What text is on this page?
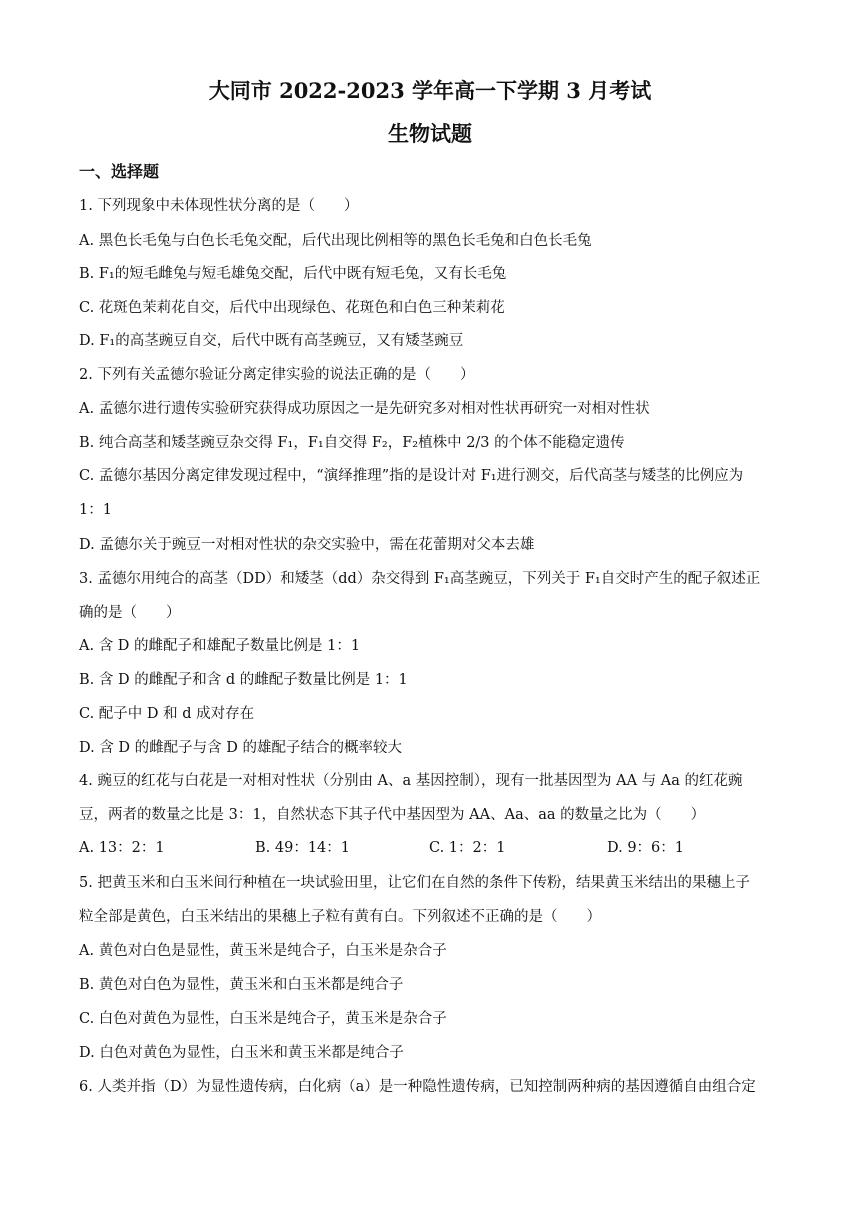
大同市 2022-2023 学年高一下学期 3 月考试
生物试题
一、选择题
1. 下列现象中未体现性状分离的是（　　）
A. 黑色长毛兔与白色长毛兔交配，后代出现比例相等的黑色长毛兔和白色长毛兔
B. F₁的短毛雌兔与短毛雄兔交配，后代中既有短毛兔，又有长毛兔
C. 花斑色茉莉花自交，后代中出现绿色、花斑色和白色三种茉莉花
D. F₁的高茎豌豆自交，后代中既有高茎豌豆，又有矮茎豌豆
2. 下列有关孟德尔验证分离定律实验的说法正确的是（　　）
A. 孟德尔进行遗传实验研究获得成功原因之一是先研究多对相对性状再研究一对相对性状
B. 纯合高茎和矮茎豌豆杂交得 F₁，F₁自交得 F₂，F₂植株中 2/3 的个体不能稳定遗传
C. 孟德尔基因分离定律发现过程中，“演绎推理”指的是设计对 F₁进行测交，后代高茎与矮茎的比例应为
1：1
D. 孟德尔关于豌豆一对相对性状的杂交实验中，需在花蕾期对父本去雄
3. 孟德尔用纯合的高茎（DD）和矮茎（dd）杂交得到 F₁高茎豌豆，下列关于 F₁自交时产生的配子叙述正
确的是（　　）
A. 含 D 的雌配子和雄配子数量比例是 1：1
B. 含 D 的雌配子和含 d 的雌配子数量比例是 1：1
C. 配子中 D 和 d 成对存在
D. 含 D 的雌配子与含 D 的雄配子结合的概率较大
4. 豌豆的红花与白花是一对相对性状（分别由 A、a 基因控制），现有一批基因型为 AA 与 Aa 的红花豌
豆，两者的数量之比是 3：1，自然状态下其子代中基因型为 AA、Aa、aa 的数量之比为（　　）
A. 13：2：1	B. 49：14：1	C. 1：2：1	D. 9：6：1
5. 把黄玉米和白玉米间行种植在一块试验田里，让它们在自然的条件下传粉，结果黄玉米结出的果穗上子
粒全部是黄色，白玉米结出的果穗上子粒有黄有白。下列叙述不正确的是（　　）
A. 黄色对白色是显性，黄玉米是纯合子，白玉米是杂合子
B. 黄色对白色为显性，黄玉米和白玉米都是纯合子
C. 白色对黄色为显性，白玉米是纯合子，黄玉米是杂合子
D. 白色对黄色为显性，白玉米和黄玉米都是纯合子
6. 人类并指（D）为显性遗传病，白化病（a）是一种隐性遗传病，已知控制两种病的基因遵循自由组合定
